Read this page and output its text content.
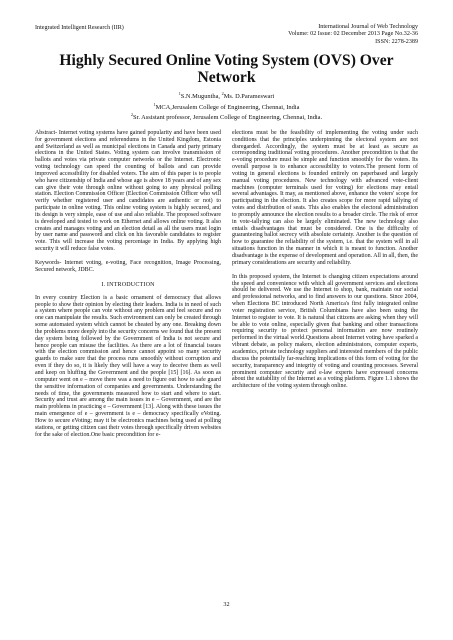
Integrated Intelligent Research (IIR)	International Journal of Web Technology
Volume: 02 Issue: 02 December 2013 Page No.32-36
ISSN: 2278-2389
Highly Secured Online Voting System (OVS) Over Network
$^1$S.N.Muguntha, $^2$Ms. D.Parameswari
$^1$MCA,Jerusalem College of Engineering, Chennai, India
$^2$Sr. Assistant professor, Jerusalem College of Engineering, Chennai, India.

Abstract- Internet voting systems have gained popularity and have been used for government elections and referendums in the United Kingdom, Estonia and Switzerland as well as municipal elections in Canada and party primary elections in the United States. Voting system can involve transmission of ballots and votes via private computer networks or the Internet. Electronic voting technology can speed the counting of ballots and can provide improved accessibility for disabled voters. The aim of this paper is to people who have citizenship of India and whose age is above 18 years and of any sex can give their vote through online without going to any physical polling station. Election Commission Officer (Election Commission Officer who will verify whether registered user and candidates are authentic or not) to participate in online voting. This online voting system is highly secured, and its design is very simple, ease of use and also reliable. The proposed software is developed and tested to work on Ethernet and allows online voting. It also creates and manages voting and an election detail as all the users must login by user name and password and click on his favorable candidates to register vote. This will increase the voting percentage in India. By applying high security it will reduce false votes.

Keywords- Internet voting, e-voting, Face recognition, Image Processing, Secured network, JDBC.

I. INTRODUCTION

In every country Election is a basic ornament of democracy that allows people to show their opinion by electing their leaders. India is in need of such a system where people can vote without any problem and feel secure and no one can manipulate the results. Such environment can only be created through some automated system which cannot be cheated by any one. Breaking down the problems more deeply into the security concerns we found that the present day system being followed by the Government of India is not secure and hence people can misuse the facilities. As there are a lot of financial issues with the election commission and hence cannot appoint so many security guards to make sure that the process runs smoothly without corruption and even if they do so, it is likely they will have a way to deceive them as well and keep on bluffing the Government and the people [15] [16]. As soon as computer went on e – move there was a need to figure out how to safe guard the sensitive information of companies and governments. Understanding the needs of time, the governments measured how to start and where to start. Security and trust are among the main issues in e – Government, and are the main problems in practicing e – Government [13]. Along with these issues the main emergence of e – government is e – democracy specifically eVoting. How to secure eVoting; may it be electronics machines being used at polling stations, or getting citizen cast their votes through specifically driven websites for the sake of election.One basic precondition for e-

elections must be the feasibility of implementing the voting under such conditions that the principles underpinning the electoral system are not disregarded. Accordingly, the system must be at least as secure as corresponding traditional voting procedures. Another precondition is that the e-voting procedure must be simple and function smoothly for the voters. Its overall purpose is to enhance accessibility to voters.The present form of voting in general elections is founded entirely on paperbased and largely manual voting procedures. New technology with advanced vote-client machines (computer terminals used for voting) for elections may entail several advantages. It may, as mentioned above, enhance the voters' scope for participating in the election. It also creates scope for more rapid tallying of votes and distribution of seats. This also enables the electoral administration to promptly announce the election results to a broader circle. The risk of error in vote-tallying can also be largely eliminated. The new technology also entails disadvantages that must be considered. One is the difficulty of guaranteeing ballot secrecy with absolute certainty. Another is the question of how to guarantee the reliability of the system, i.e. that the system will in all situations function in the manner in which it is meant to function. Another disadvantage is the expense of development and operation. All in all, then, the primary considerations are security and reliability.

In this proposed system, the Internet is changing citizen expectations around the speed and convenience with which all government services and elections should be delivered. We use the Internet to shop, bank, maintain our social and professional networks, and to find answers to our questions. Since 2004, when Elections BC introduced North America's first fully integrated online voter registration service, British Columbians have also been using the Internet to register to vote. It is natural that citizens are asking when they will be able to vote online, especially given that banking and other transactions requiring security to protect personal information are now routinely performed in the virtual world.Questions about Internet voting have sparked a vibrant debate, as policy makers, election administrators, computer experts, academics, private technology suppliers and interested members of the public discuss the potentially far-reaching implications of this form of voting for the security, transparency and integrity of voting and counting processes. Several prominent computer security and e-law experts have expressed concerns about the suitability of the Internet as a voting platform. Figure 1.1 shows the architecture of the voting system through online.

32
